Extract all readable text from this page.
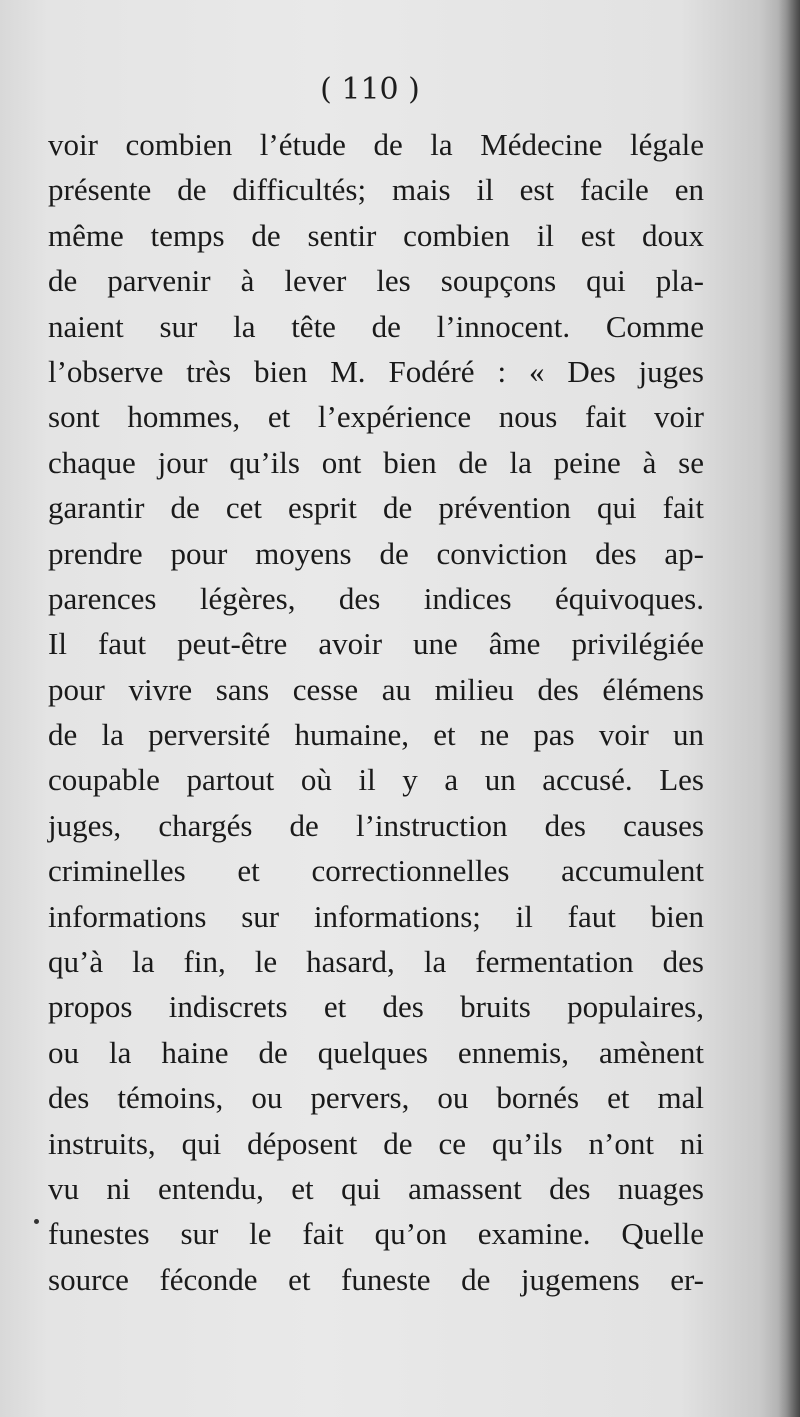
( 110 )
voir combien l’étude de la Médecine légale
présente de difficultés; mais il est facile en
même temps de sentir combien il est doux
de parvenir à lever les soupçons qui pla-
naient sur la tête de l’innocent. Comme
l’observe très bien M. Fodéré : « Des juges
sont hommes, et l’expérience nous fait voir
chaque jour qu’ils ont bien de la peine à se
garantir de cet esprit de prévention qui fait
prendre pour moyens de conviction des ap-
parences légères, des indices équivoques.
Il faut peut-être avoir une âme privilégiée
pour vivre sans cesse au milieu des élémens
de la perversité humaine, et ne pas voir un
coupable partout où il y a un accusé. Les
juges, chargés de l’instruction des causes
criminelles et correctionnelles accumulent
informations sur informations; il faut bien
qu’à la fin, le hasard, la fermentation des
propos indiscrets et des bruits populaires,
ou la haine de quelques ennemis, amènent
des témoins, ou pervers, ou bornés et mal
instruits, qui déposent de ce qu’ils n’ont ni
vu ni entendu, et qui amassent des nuages
funestes sur le fait qu’on examine. Quelle
source féconde et funeste de jugemens er-
